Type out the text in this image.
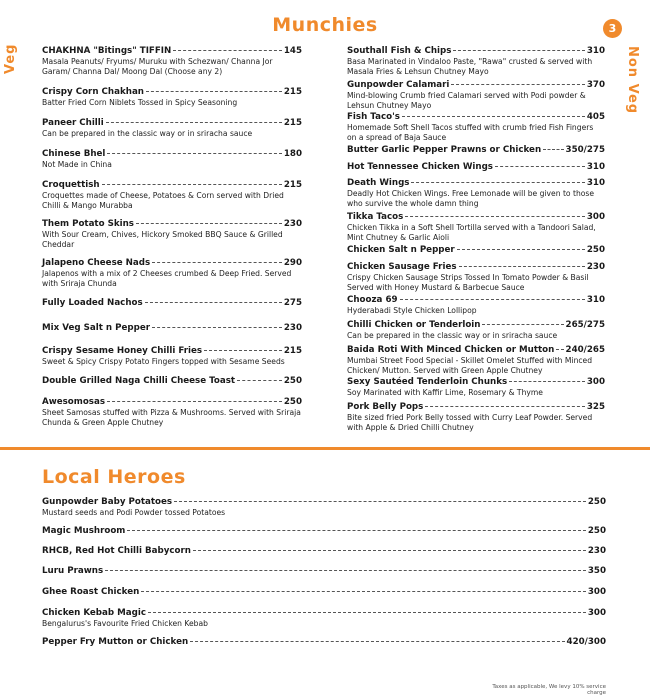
Munchies	3
Veg	Non Veg
CHAKHNA "Bitings" TIFFIN	145
Masala Peanuts/ Fryums/ Muruku with Schezwan/ Channa Jor Garam/ Channa Dal/ Moong Dal (Choose any 2)
Crispy Corn Chakhan	215
Batter Fried Corn Niblets Tossed in Spicy Seasoning
Paneer Chilli	215
Can be prepared in the classic way or in sriracha sauce
Chinese Bhel	180
Not Made in China
Croquettish	215
Croquettes made of Cheese, Potatoes & Corn served with Dried Chilli & Mango Murabba
Them Potato Skins	230
With Sour Cream, Chives, Hickory Smoked BBQ Sauce & Grilled Cheddar
Jalapeno Cheese Nads	290
Jalapenos with a mix of 2 Cheeses crumbed & Deep Fried. Served with Sriraja Chunda
Fully Loaded Nachos	275
Mix Veg Salt n Pepper	230
Crispy Sesame Honey Chilli Fries	215
Sweet & Spicy Crispy Potato Fingers topped with Sesame Seeds
Double Grilled Naga Chilli Cheese Toast	250
Awesomosas	250
Sheet Samosas stuffed with Pizza & Mushrooms. Served with Sriraja Chunda & Green Apple Chutney
Southall Fish & Chips	310
Basa Marinated in Vindaloo Paste, "Rawa" crusted & served with Masala Fries & Lehsun Chutney Mayo
Gunpowder Calamari	370
Mind-blowing Crumb fried Calamari served with Podi powder & Lehsun Chutney Mayo
Fish Taco's	405
Homemade Soft Shell Tacos stuffed with crumb fried Fish Fingers on a spread of Baja Sauce
Butter Garlic Pepper Prawns or Chicken	350/275
Hot Tennessee Chicken Wings	310
Death Wings	310
Deadly Hot Chicken Wings. Free Lemonade will be given to those who survive the whole damn thing
Tikka Tacos	300
Chicken Tikka in a Soft Shell Tortilla served with a Tandoori Salad, Mint Chutney & Garlic Aioli
Chicken Salt n Pepper	250
Chicken Sausage Fries	230
Crispy Chicken Sausage Strips Tossed In Tomato Powder & Basil Served with Honey Mustard & Barbecue Sauce
Chooza 69	310
Hyderabadi Style Chicken Lollipop
Chilli Chicken or Tenderloin	265/275
Can be prepared in the classic way or in sriracha sauce
Baida Roti With Minced Chicken or Mutton 240/265
Mumbai Street Food Special - Skillet Omelet Stuffed with Minced Chicken/ Mutton. Served with Green Apple Chutney
Sexy Sautéed Tenderloin Chunks	300
Soy Marinated with Kaffir Lime, Rosemary & Thyme
Pork Belly Pops	325
Bite sized fried Pork Belly tossed with Curry Leaf Powder. Served with Apple & Dried Chilli Chutney
Local Heroes
Gunpowder Baby Potatoes	250
Mustard seeds and Podi Powder tossed Potatoes
Magic Mushroom	250
RHCB, Red Hot Chilli Babycorn	230
Luru Prawns	350
Ghee Roast Chicken	300
Chicken Kebab Magic	300
Bengalurus's Favourite Fried Chicken Kebab
Pepper Fry Mutton or Chicken	420/300
Taxes as applicable, We levy 10% service charge
